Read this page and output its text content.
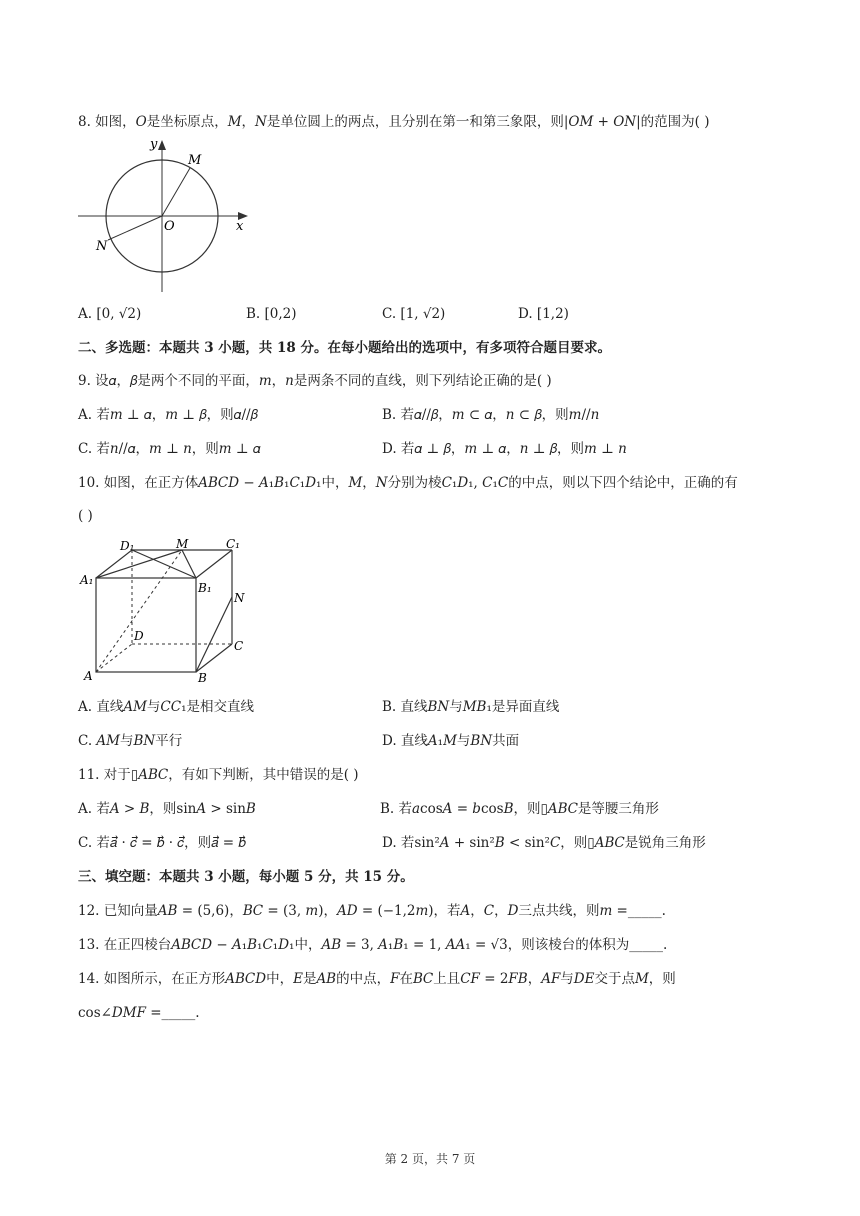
8. 如图，𝑂是坐标原点，𝑀，𝑁是单位圆上的两点，且分别在第一和第三象限，则|𝑂𝑀 + 𝑂𝑁|的范围为( )
y
x
O
M
N
A. [0, √2)	B. [0,2)	C. [1, √2)	D. [1,2)
二、多选题：本题共 3 小题，共 18 分。在每小题给出的选项中，有多项符合题目要求。
9. 设𝛼，𝛽是两个不同的平面，𝑚，𝑛是两条不同的直线，则下列结论正确的是( )
A. 若𝑚 ⊥ 𝛼，𝑚 ⊥ 𝛽，则𝛼//𝛽	B. 若𝛼//𝛽，𝑚 ⊂ 𝛼，𝑛 ⊂ 𝛽，则𝑚//𝑛
C. 若𝑛//𝛼，𝑚 ⊥ 𝑛，则𝑚 ⊥ 𝛼	D. 若𝛼 ⊥ 𝛽，𝑚 ⊥ 𝛼，𝑛 ⊥ 𝛽，则𝑚 ⊥ 𝑛
10. 如图，在正方体𝐴𝐵𝐶𝐷 − 𝐴₁𝐵₁𝐶₁𝐷₁中，𝑀，𝑁分别为棱𝐶₁𝐷₁, 𝐶₁𝐶的中点，则以下四个结论中，正确的有
( )
D₁	M	C₁
A₁
B₁
N
D
C
A	B
A. 直线𝐴𝑀与𝐶𝐶₁是相交直线	B. 直线𝐵𝑁与𝑀𝐵₁是异面直线
C. 𝐴𝑀与𝐵𝑁平行	D. 直线𝐴₁𝑀与𝐵𝑁共面
11. 对于▯𝐴𝐵𝐶，有如下判断，其中错误的是( )
A. 若𝐴 > 𝐵，则sin𝐴 > sin𝐵	B. 若𝑎cos𝐴 = 𝑏cos𝐵，则▯𝐴𝐵𝐶是等腰三角形
C. 若𝑎⃗ · 𝑐⃗ = 𝑏⃗ · 𝑐⃗，则𝑎⃗ = 𝑏⃗	D. 若sin²𝐴 + sin²𝐵 < sin²𝐶，则▯𝐴𝐵𝐶是锐角三角形
三、填空题：本题共 3 小题，每小题 5 分，共 15 分。
12. 已知向量𝐴𝐵 = (5,6)，𝐵𝐶 = (3, 𝑚)，𝐴𝐷 = (−1,2𝑚)，若𝐴，𝐶，𝐷三点共线，则𝑚 =_____.
13. 在正四棱台𝐴𝐵𝐶𝐷 − 𝐴₁𝐵₁𝐶₁𝐷₁中，𝐴𝐵 = 3, 𝐴₁𝐵₁ = 1, 𝐴𝐴₁ = √3，则该棱台的体积为_____.
14. 如图所示，在正方形𝐴𝐵𝐶𝐷中，𝐸是𝐴𝐵的中点，𝐹在𝐵𝐶上且𝐶𝐹 = 2𝐹𝐵，𝐴𝐹与𝐷𝐸交于点𝑀，则
cos∠𝐷𝑀𝐹 =_____.
第 2 页，共 7 页
